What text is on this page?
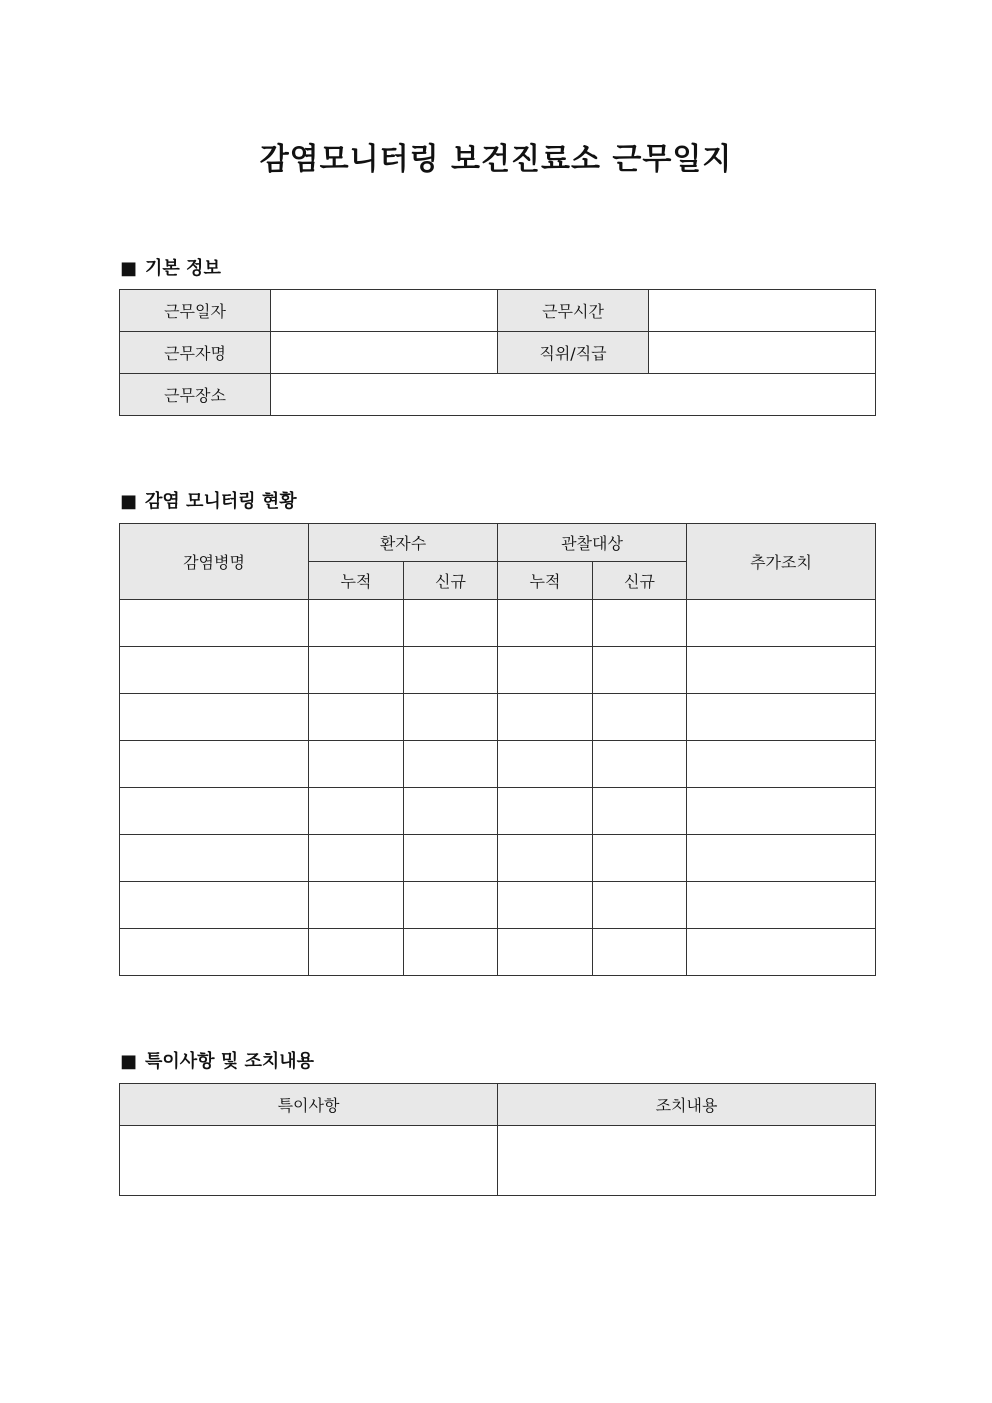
감염모니터링 보건진료소 근무일지
■ 기본 정보
근무일자		근무시간	
근무자명		직위/직급	
근무장소			
■ 감염 모니터링 현황
감염병명	환자수		관찰대상		추가조치
	누적	신규	누적	신규	

■ 특이사항 및 조치내용
특이사항	조치내용
